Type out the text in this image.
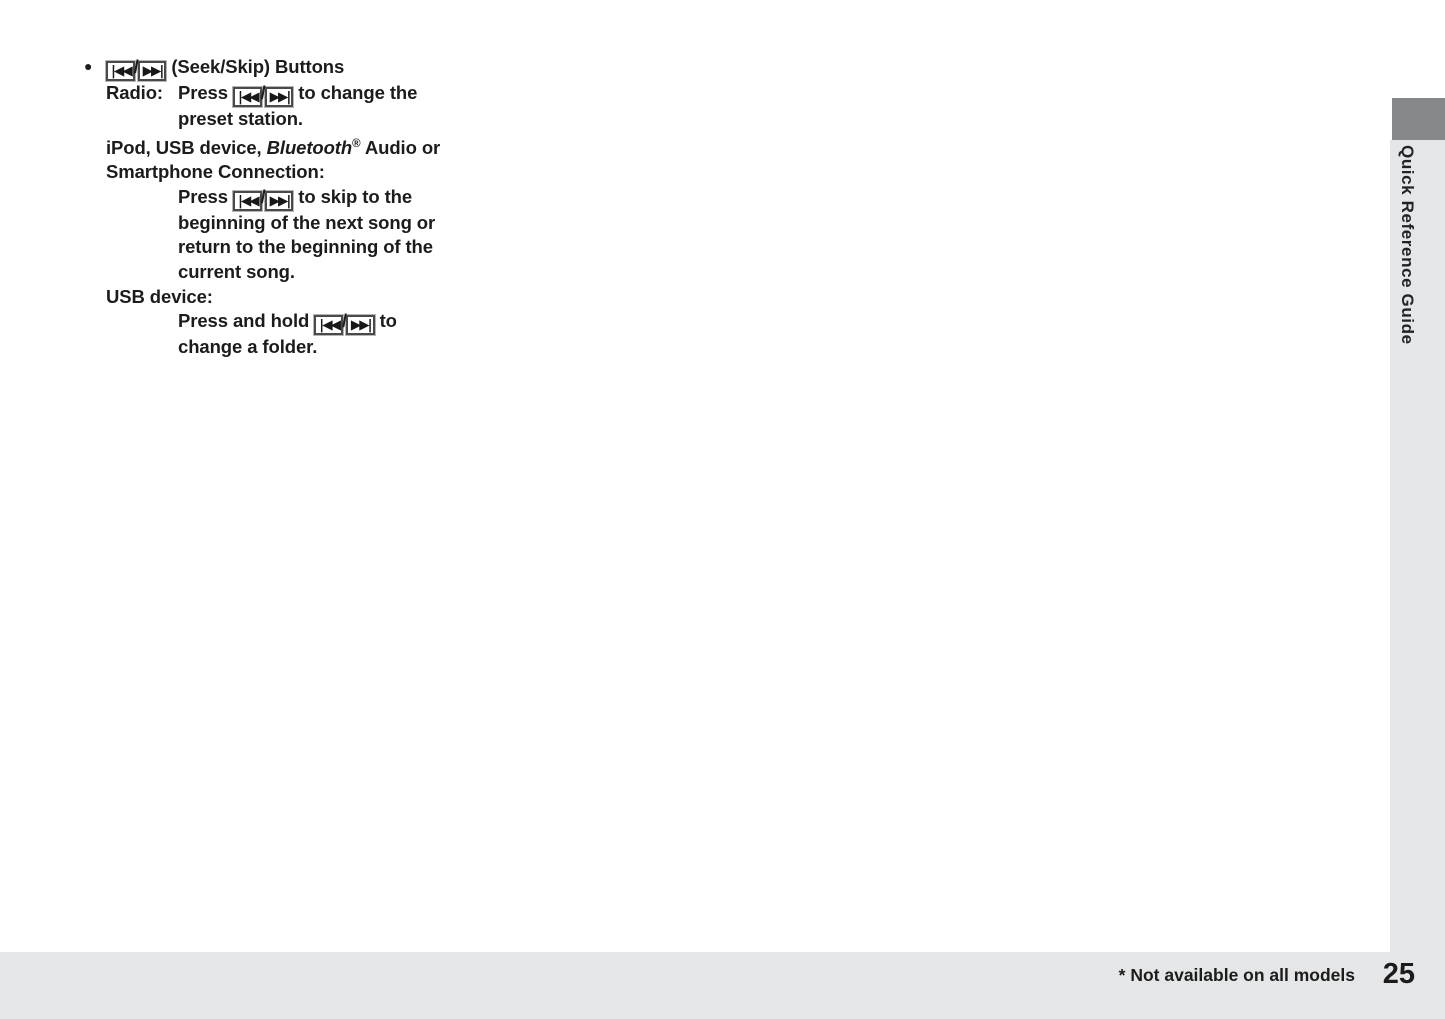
● |◀◀ / ▶▶| (Seek/Skip) Buttons
Radio: Press |◀◀ / ▶▶| to change the
preset station.
iPod, USB device, Bluetooth® Audio or
Smartphone Connection:
Press |◀◀ / ▶▶| to skip to the
beginning of the next song or
return to the beginning of the
current song.
USB device:
Press and hold |◀◀ / ▶▶| to
change a folder.
Quick Reference Guide
* Not available on all models 25
